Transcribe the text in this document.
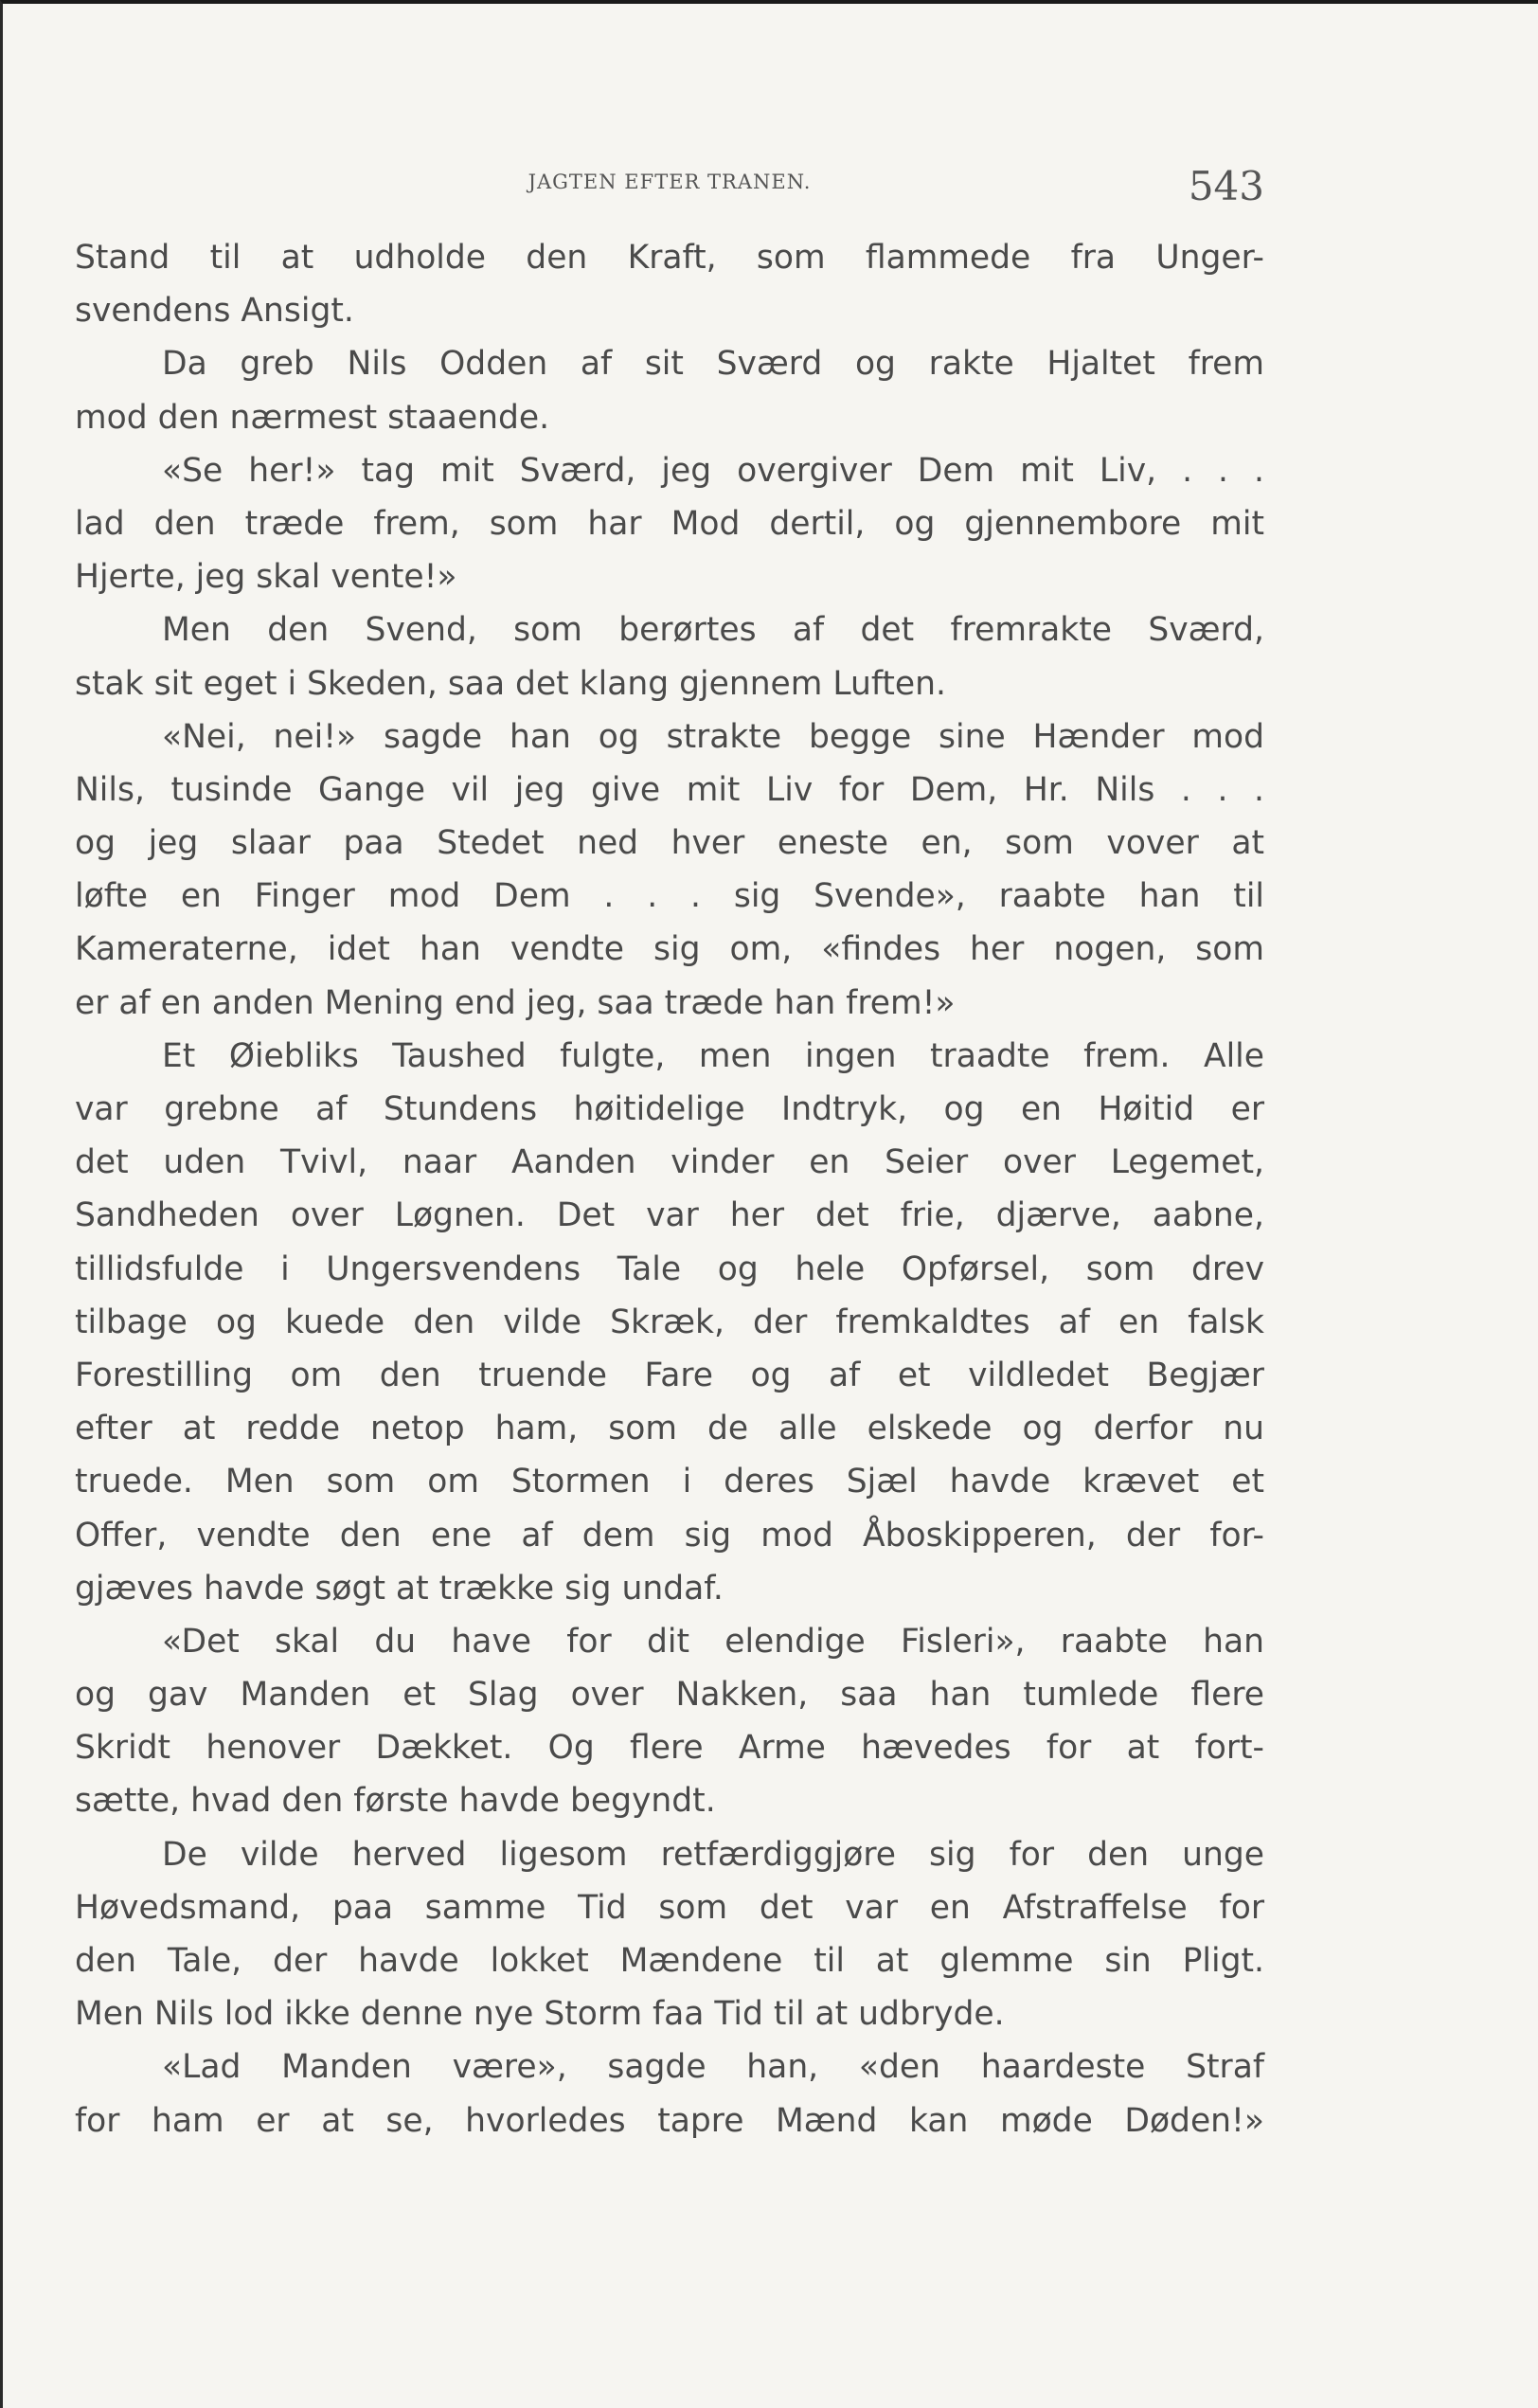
JAGTEN EFTER TRANEN.	543
Stand til at udholde den Kraft, som flammede fra Unger-
svendens Ansigt.
Da greb Nils Odden af sit Sværd og rakte Hjaltet frem
mod den nærmest staaende.
«Se her!» tag mit Sværd, jeg overgiver Dem mit Liv, . . .
lad den træde frem, som har Mod dertil, og gjennembore mit
Hjerte, jeg skal vente!»
Men den Svend, som berørtes af det fremrakte Sværd,
stak sit eget i Skeden, saa det klang gjennem Luften.
«Nei, nei!» sagde han og strakte begge sine Hænder mod
Nils, tusinde Gange vil jeg give mit Liv for Dem, Hr. Nils . . .
og jeg slaar paa Stedet ned hver eneste en, som vover at
løfte en Finger mod Dem . . . sig Svende», raabte han til
Kameraterne, idet han vendte sig om, «findes her nogen, som
er af en anden Mening end jeg, saa træde han frem!»
Et Øiebliks Taushed fulgte, men ingen traadte frem. Alle
var grebne af Stundens høitidelige Indtryk, og en Høitid er
det uden Tvivl, naar Aanden vinder en Seier over Legemet,
Sandheden over Løgnen. Det var her det frie, djærve, aabne,
tillidsfulde i Ungersvendens Tale og hele Opførsel, som drev
tilbage og kuede den vilde Skræk, der fremkaldtes af en falsk
Forestilling om den truende Fare og af et vildledet Begjær
efter at redde netop ham, som de alle elskede og derfor nu
truede. Men som om Stormen i deres Sjæl havde krævet et
Offer, vendte den ene af dem sig mod Åboskipperen, der for-
gjæves havde søgt at trække sig undaf.
«Det skal du have for dit elendige Fisleri», raabte han
og gav Manden et Slag over Nakken, saa han tumlede flere
Skridt henover Dækket. Og flere Arme hævedes for at fort-
sætte, hvad den første havde begyndt.
De vilde herved ligesom retfærdiggjøre sig for den unge
Høvedsmand, paa samme Tid som det var en Afstraffelse for
den Tale, der havde lokket Mændene til at glemme sin Pligt.
Men Nils lod ikke denne nye Storm faa Tid til at udbryde.
«Lad Manden være», sagde han, «den haardeste Straf
for ham er at se, hvorledes tapre Mænd kan møde Døden!»
